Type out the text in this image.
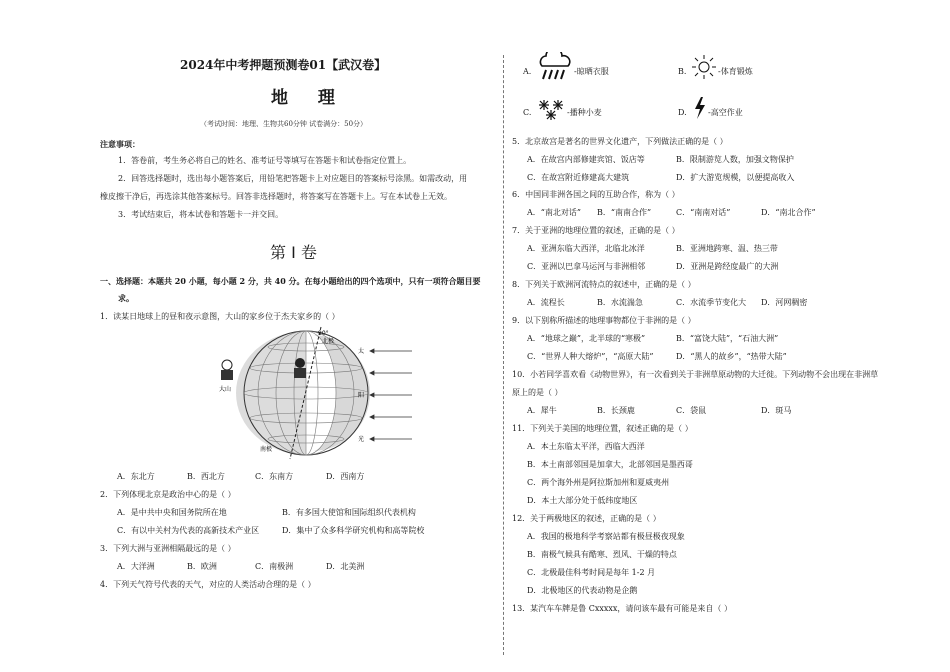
2024年中考押题预测卷01【武汉卷】
地 理
（考试时间：地理、生物共60分钟 试卷满分：50分）
注意事项：
1．答卷前，考生务必将自己的姓名、准考证号等填写在答题卡和试卷指定位置上。
2．回答选择题时，选出每小题答案后，用铅笔把答题卡上对应题目的答案标号涂黑。如需改动，用
橡皮擦干净后，再选涂其他答案标号。回答非选择题时，将答案写在答题卡上。写在本试卷上无效。
3．考试结束后，将本试卷和答题卡一并交回。
第 I 卷
一、选择题：本题共 20 小题，每小题 2 分，共 40 分。在每小题给出的四个选项中，只有一项符合题目要
求。
1．读某日地球上的昼和夜示意图，大山的家乡位于杰夫家乡的（ ）
大山
南极
90°
北极
太
阳
光
A．东北方	B．西北方	C．东南方	D．西南方
2．下列体现北京是政治中心的是（ ）
A．是中共中央和国务院所在地	B．有多国大使馆和国际组织代表机构
C．有以中关村为代表的高新技术产业区	D．集中了众多科学研究机构和高等院校
3．下列大洲与亚洲相隔最远的是（ ）
A．大洋洲	B．欧洲	C．南极洲	D．北美洲
4．下列天气符号代表的天气，对应的人类活动合理的是（ ）
A.	-晾晒衣服	B.	-体育锻炼
C.	-播种小麦	D.	-高空作业
5．北京故宫是著名的世界文化遗产，下列做法正确的是（ ）
A．在故宫内部修建宾馆、饭店等	B．限制游览人数，加强文物保护
C．在故宫附近修建高大建筑	D．扩大游览规模，以便提高收入
6．中国同非洲各国之间的互助合作，称为（ ）
A．“南北对话” B．“南南合作”	C．“南南对话”	D．“南北合作”
7．关于亚洲的地理位置的叙述，正确的是（ ）
A．亚洲东临大西洋，北临北冰洋	B．亚洲地跨寒、温、热三带
C．亚洲以巴拿马运河与非洲相邻	D．亚洲是跨经度最广的大洲
8．下列关于欧洲河流特点的叙述中，正确的是（ ）
A．流程长	B．水流湍急	C．水流季节变化大 D．河网稠密
9．以下别称所描述的地理事物都位于非洲的是（ ）
A．“地球之巅”，北半球的“寒极”	B．“富饶大陆”，“石油大洲”
C．“世界人种大熔炉”，“高原大陆”	D．“黑人的故乡”，“热带大陆”
10．小若同学喜欢看《动物世界》，有一次看到关于非洲草原动物的大迁徙。下列动物不会出现在非洲草
原上的是（ ）
A．犀牛	B．长颈鹿	C．袋鼠	D．斑马
11．下列关于美国的地理位置，叙述正确的是（ ）
A．本土东临太平洋，西临大西洋
B．本土南部邻国是加拿大，北部邻国是墨西哥
C．两个海外州是阿拉斯加州和夏威夷州
D．本土大部分处于低纬度地区
12．关于两极地区的叙述，正确的是（ ）
A．我国的极地科学考察站都有极昼极夜现象
B．南极气候具有酷寒、烈风、干燥的特点
C．北极最佳科考时间是每年 1-2 月
D．北极地区的代表动物是企鹅
13．某汽车车牌是鲁 Cxxxxx，请问该车最有可能是来自（ ）
